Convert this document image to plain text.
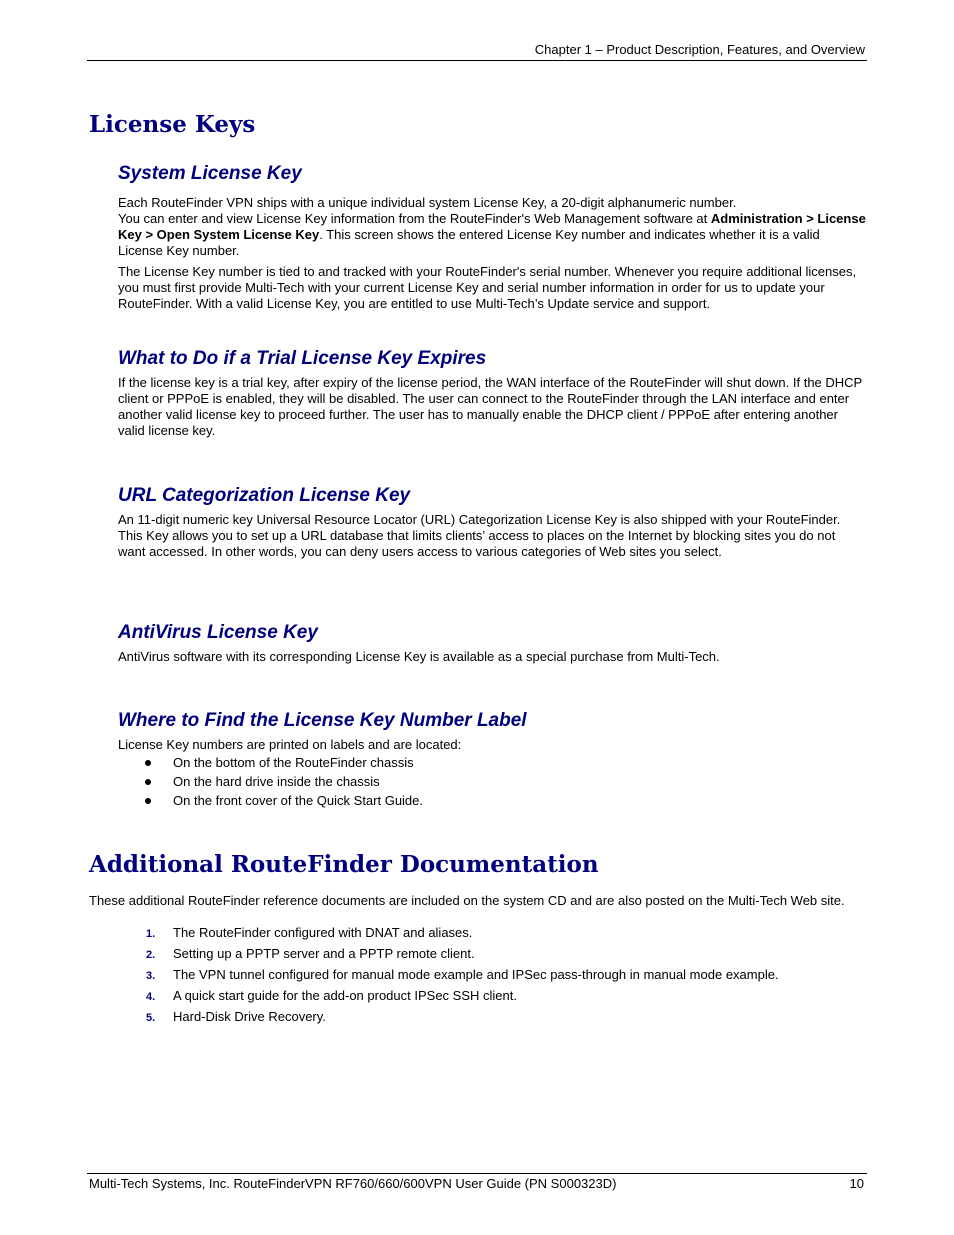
Chapter 1 – Product Description, Features, and Overview
License Keys
System License Key
Each RouteFinder VPN ships with a unique individual system License Key, a 20-digit alphanumeric number.
You can enter and view License Key information from the RouteFinder's Web Management software at Administration > License Key > Open System License Key. This screen shows the entered License Key number and indicates whether it is a valid License Key number.

The License Key number is tied to and tracked with your RouteFinder's serial number. Whenever you require additional licenses, you must first provide Multi-Tech with your current License Key and serial number information in order for us to update your RouteFinder. With a valid License Key, you are entitled to use Multi-Tech’s Update service and support.

What to Do if a Trial License Key Expires

If the license key is a trial key, after expiry of the license period, the WAN interface of the RouteFinder will shut down. If the DHCP client or PPPoE is enabled, they will be disabled. The user can connect to the RouteFinder through the LAN interface and enter another valid license key to proceed further. The user has to manually enable the DHCP client / PPPoE after entering another valid license key.

URL Categorization License Key

An 11-digit numeric key Universal Resource Locator (URL) Categorization License Key is also shipped with your RouteFinder. This Key allows you to set up a URL database that limits clients’ access to places on the Internet by blocking sites you do not want accessed. In other words, you can deny users access to various categories of Web sites you select.

AntiVirus License Key

AntiVirus software with its corresponding License Key is available as a special purchase from Multi-Tech.

Where to Find the License Key Number Label

License Key numbers are printed on labels and are located:

On the bottom of the RouteFinder chassis
On the hard drive inside the chassis
On the front cover of the Quick Start Guide.
Additional RouteFinder Documentation

These additional RouteFinder reference documents are included on the system CD and are also posted on the Multi-Tech Web site.

1. The RouteFinder configured with DNAT and aliases.
2. Setting up a PPTP server and a PPTP remote client.
3. The VPN tunnel configured for manual mode example and IPSec pass-through in manual mode example.
4. A quick start guide for the add-on product IPSec SSH client.
5. Hard-Disk Drive Recovery.
Multi-Tech Systems, Inc. RouteFinderVPN RF760/660/600VPN User Guide (PN S000323D)	10
